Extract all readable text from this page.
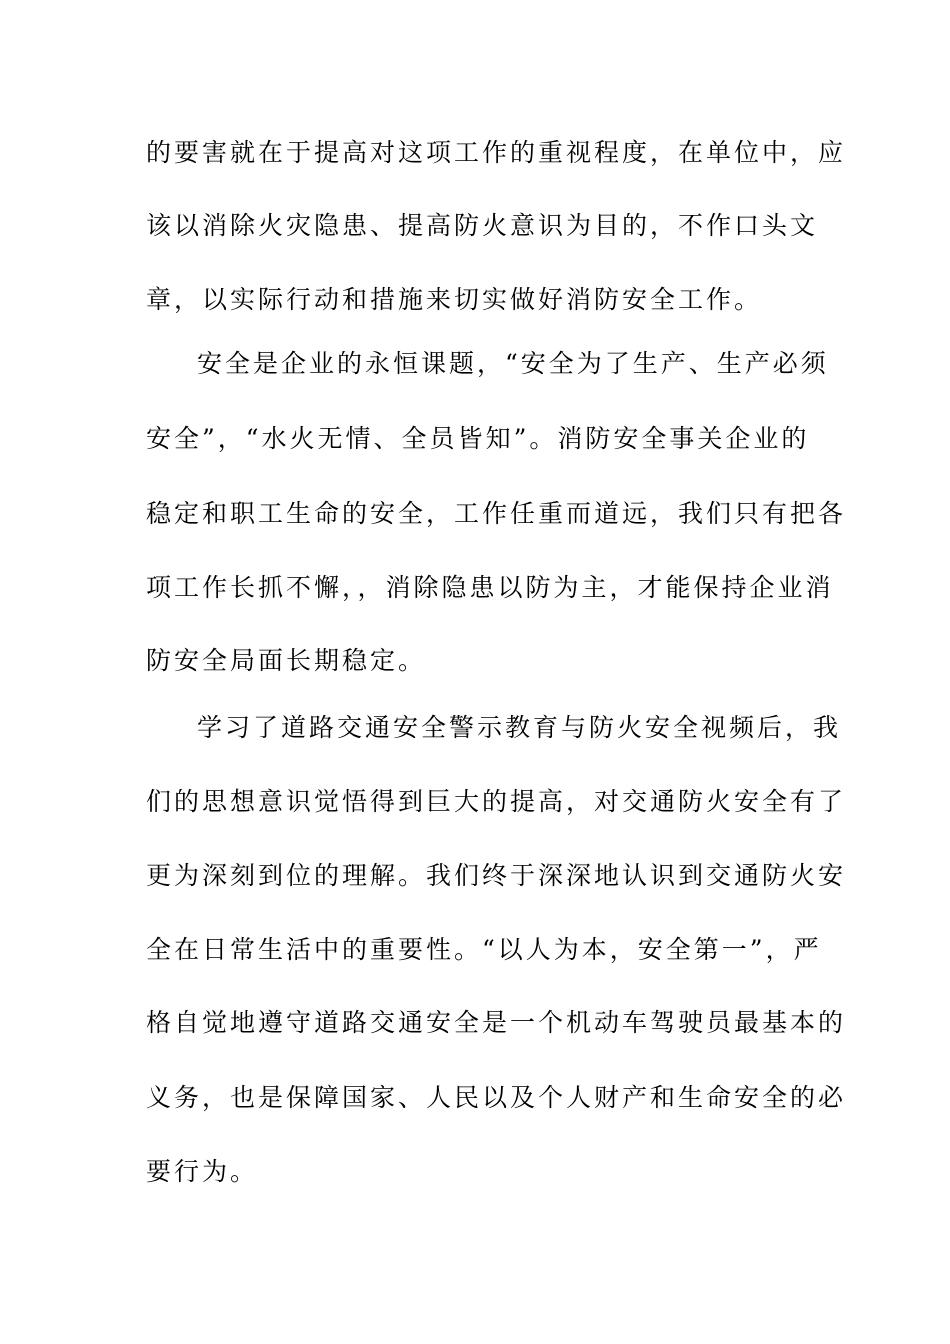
的要害就在于提高对这项工作的重视程度，在单位中，应
该以消除火灾隐患、提高防火意识为目的，不作口头文
章，以实际行动和措施来切实做好消防安全工作。
安全是企业的永恒课题，“安全为了生产、生产必须
安全”，“水火无情、全员皆知”。消防安全事关企业的
稳定和职工生命的安全，工作任重而道远，我们只有把各
项工作长抓不懈，，消除隐患以防为主，才能保持企业消
防安全局面长期稳定。
学习了道路交通安全警示教育与防火安全视频后，我
们的思想意识觉悟得到巨大的提高，对交通防火安全有了
更为深刻到位的理解。我们终于深深地认识到交通防火安
全在日常生活中的重要性。“以人为本，安全第一”，严
格自觉地遵守道路交通安全是一个机动车驾驶员最基本的
义务，也是保障国家、人民以及个人财产和生命安全的必
要行为。
